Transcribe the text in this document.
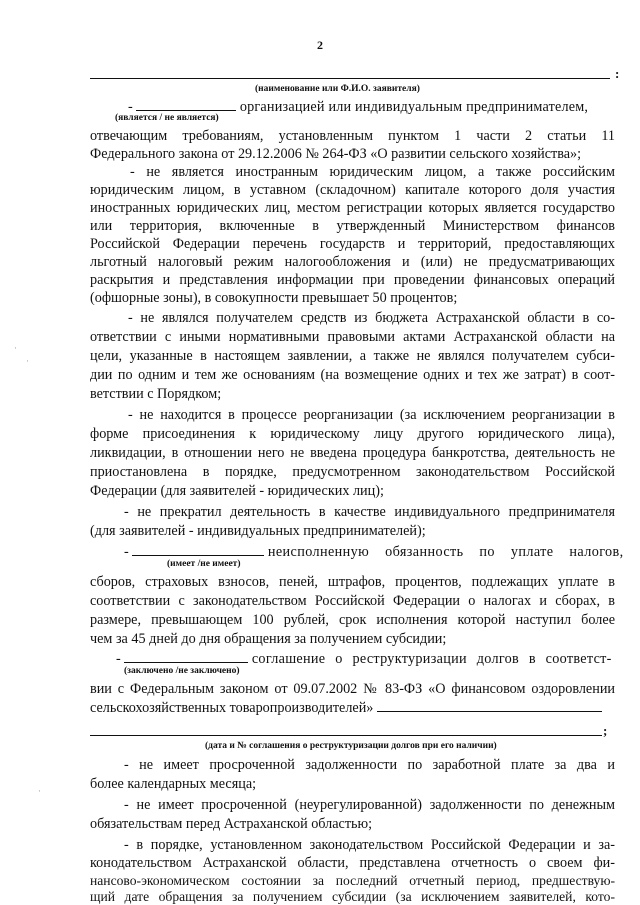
2
(наименование или Ф.И.О. заявителя)
:
-	организацией или индивидуальным предпринимателем,
(является / не является)
отвечающим требованиям, установленным пунктом 1 части 2 статьи 11
Федерального закона от 29.12.2006 № 264-ФЗ «О развитии сельского хозяйства»;
- не является иностранным юридическим лицом, а также российским
юридическим лицом, в уставном (складочном) капитале которого доля участия
иностранных юридических лиц, местом регистрации которых является государство
или территория, включенные в утвержденный Министерством финансов
Российской Федерации перечень государств и территорий, предоставляющих
льготный налоговый режим налогообложения и (или) не предусматривающих
раскрытия и представления информации при проведении финансовых операций
(офшорные зоны), в совокупности превышает 50 процентов;
- не являлся получателем средств из бюджета Астраханской области в со-
ответствии с иными нормативными правовыми актами Астраханской области на
цели, указанные в настоящем заявлении, а также не являлся получателем субси-
дии по одним и тем же основаниям (на возмещение одних и тех же затрат) в соот-
ветствии с Порядком;
- не находится в процессе реорганизации (за исключением реорганизации в
форме присоединения к юридическому лицу другого юридического лица),
ликвидации, в отношении него не введена процедура банкротства, деятельность не
приостановлена в порядке, предусмотренном законодательством Российской
Федерации (для заявителей - юридических лиц);
- не прекратил деятельность в качестве индивидуального предпринимателя
(для заявителей - индивидуальных предпринимателей);
-	неисполненную обязанность по уплате налогов,
(имеет /не имеет)
сборов, страховых взносов, пеней, штрафов, процентов, подлежащих уплате в
соответствии с законодательством Российской Федерации о налогах и сборах, в
размере, превышающем 100 рублей, срок исполнения которой наступил более
чем за 45 дней до дня обращения за получением субсидии;
-	соглашение о реструктуризации долгов в соответст-
(заключено /не заключено)
вии с Федеральным законом от 09.07.2002 № 83-ФЗ «О финансовом оздоровлении
сельскохозяйственных товаропроизводителей»
;
(дата и № соглашения о реструктуризации долгов при его наличии)
- не имеет просроченной задолженности по заработной плате за два и
более календарных месяца;
- не имеет просроченной (неурегулированной) задолженности по денежным
обязательствам перед Астраханской областью;
- в порядке, установленном законодательством Российской Федерации и за-
конодательством Астраханской области, представлена отчетность о своем фи-
нансово-экономическом состоянии за последний отчетный период, предшествую-
щий дате обращения за получением субсидии (за исключением заявителей, кото-
·
·
·
